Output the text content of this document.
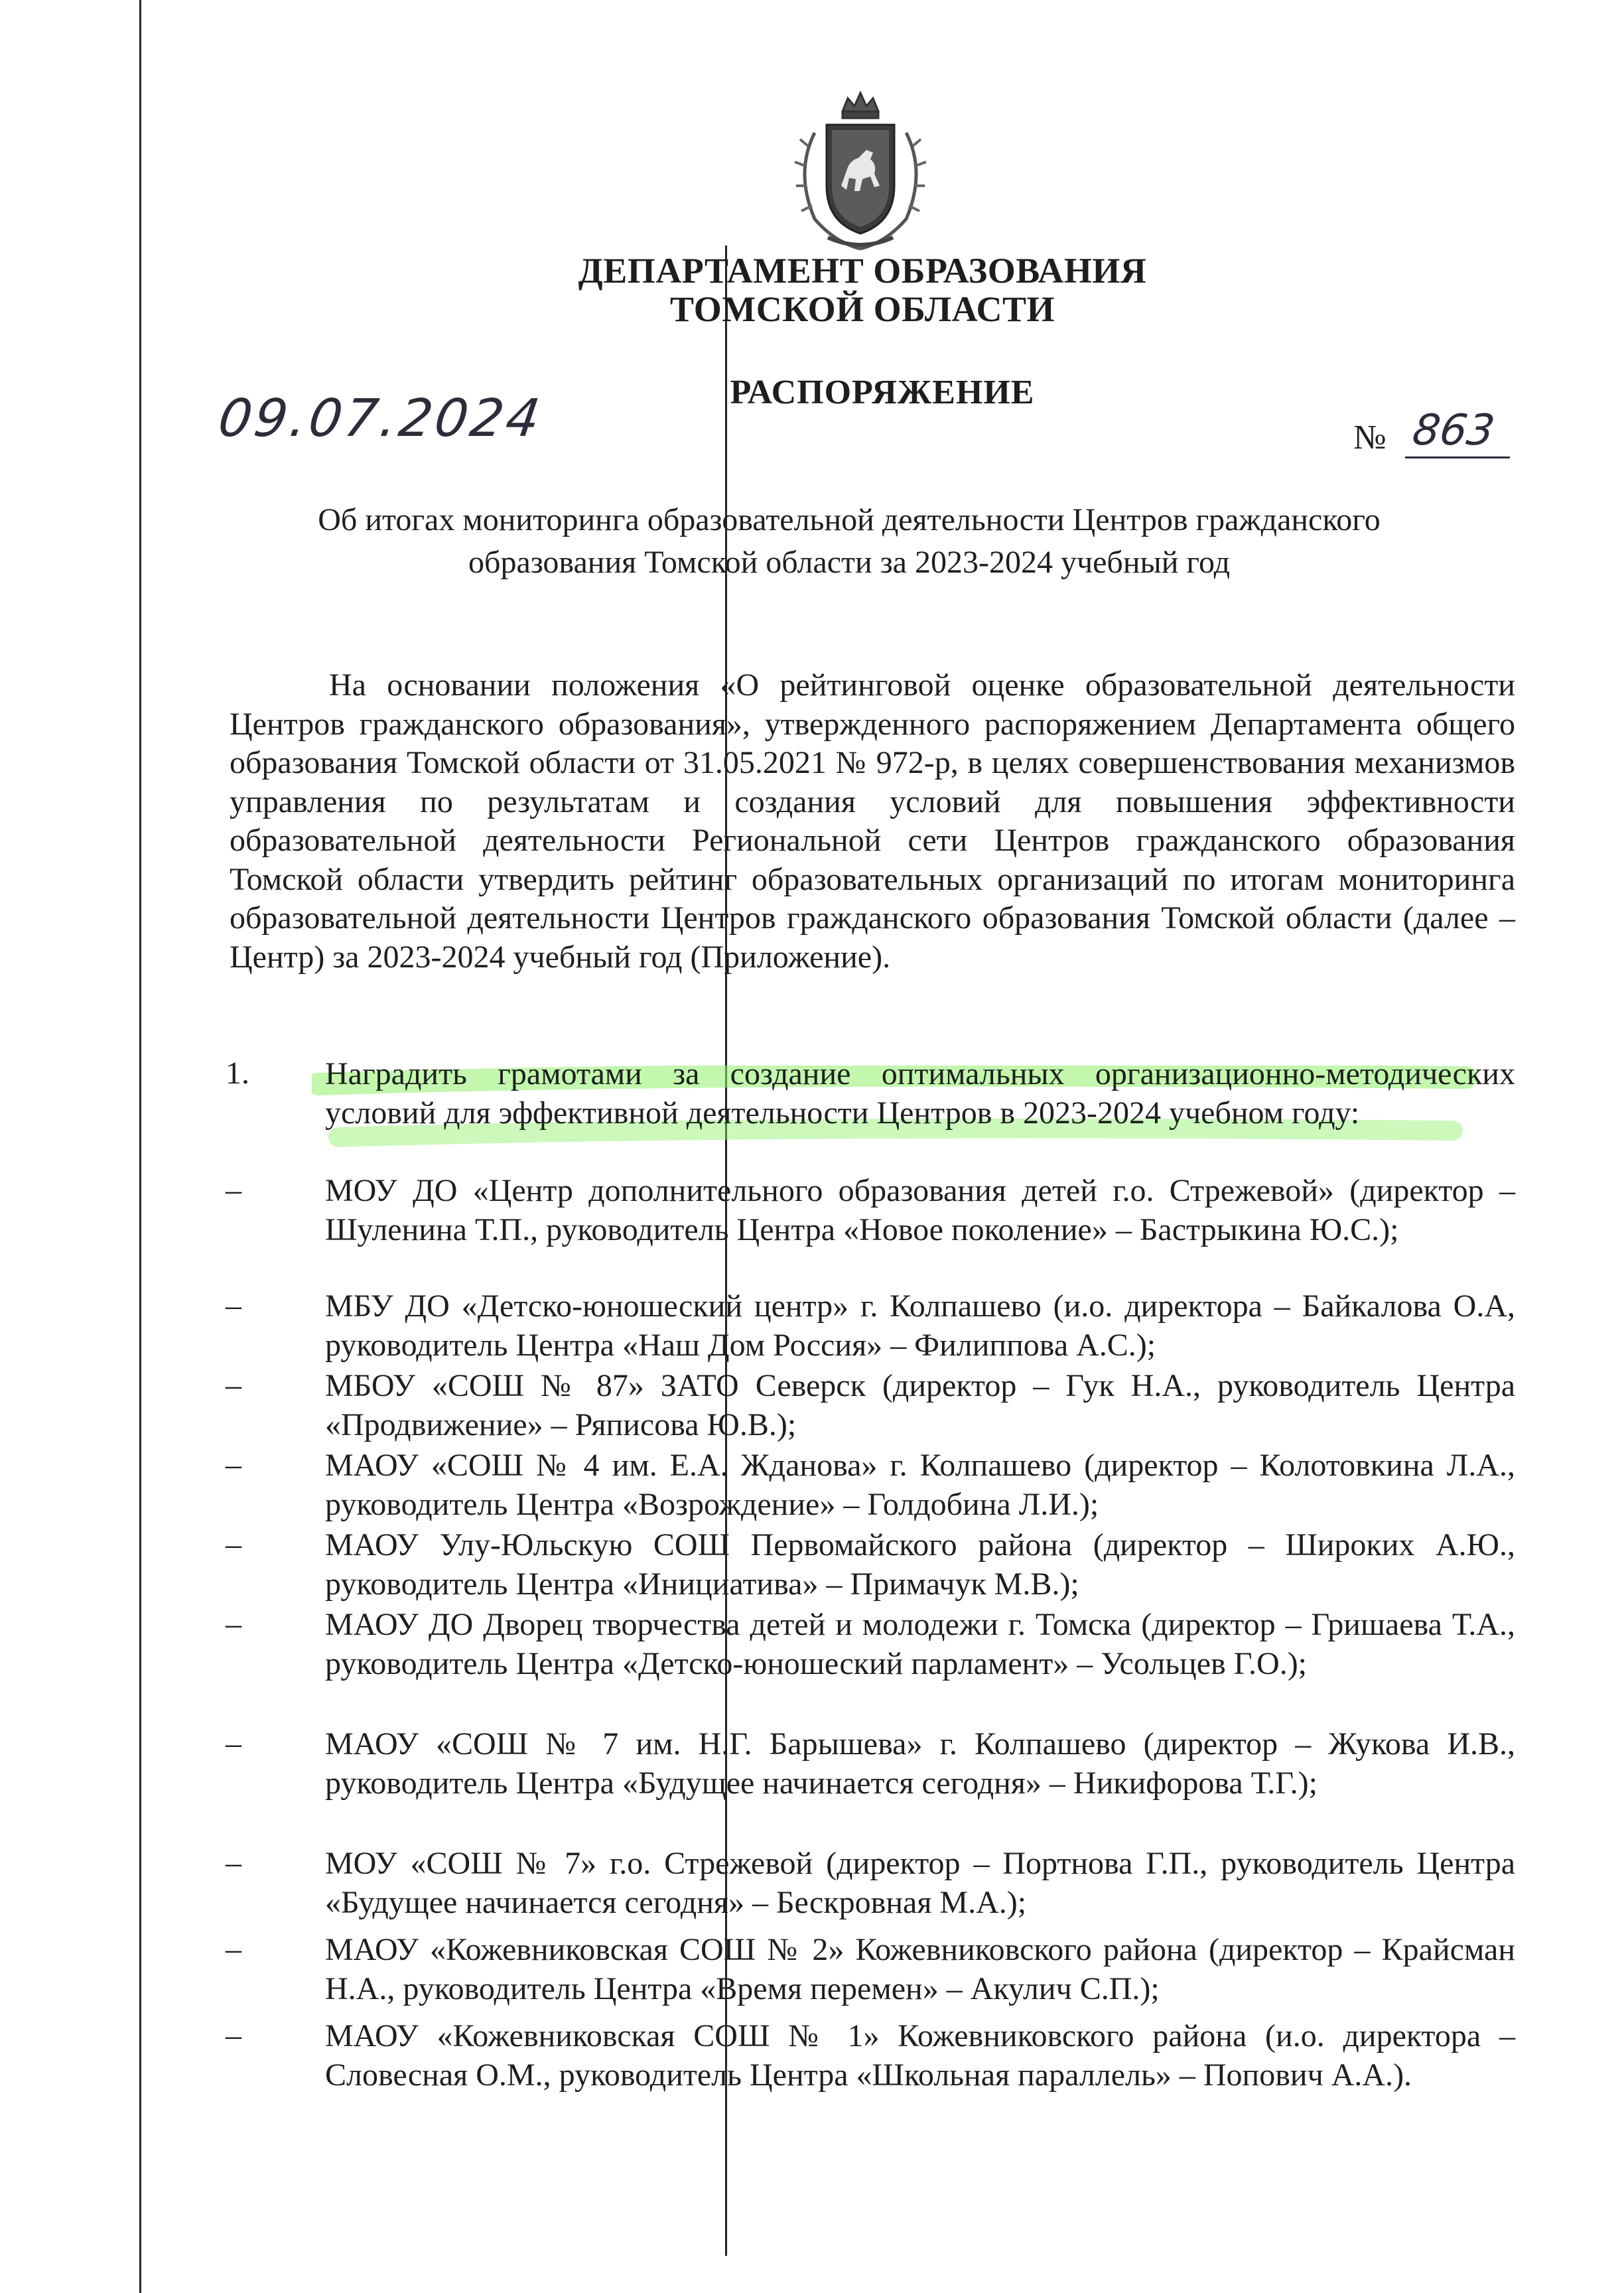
ДЕПАРТАМЕНТ ОБРАЗОВАНИЯ
ТОМСКОЙ ОБЛАСТИ
РАСПОРЯЖЕНИЕ
09.07.2024	№ 863
Об итогах мониторинга образовательной деятельности Центров гражданского
образования Томской области за 2023-2024 учебный год
На основании положения «О рейтинговой оценке образовательной деятельности Центров гражданского образования», утвержденного распоряжением Департамента общего образования Томской области от 31.05.2021 № 972-р, в целях совершенствования механизмов управления по результатам и создания условий для повышения эффективности образовательной деятельности Региональной сети Центров гражданского образования Томской области утвердить рейтинг образовательных организаций по итогам мониторинга образовательной деятельности Центров гражданского образования Томской области (далее – Центр) за 2023-2024 учебный год (Приложение).
1. Наградить грамотами за создание оптимальных организационно-методических условий для эффективной деятельности Центров в 2023-2024 учебном году:
–	МОУ ДО «Центр дополнительного образования детей г.о. Стрежевой» (директор – Шуленина Т.П., руководитель Центра «Новое поколение» – Бастрыкина Ю.С.);
–	МБУ ДО «Детско-юношеский центр» г. Колпашево (и.о. директора – Байкалова О.А, руководитель Центра «Наш Дом Россия» – Филиппова А.С.);
–	МБОУ «СОШ № 87» ЗАТО Северск (директор – Гук Н.А., руководитель Центра «Продвижение» – Ряписова Ю.В.);
–	МАОУ «СОШ № 4 им. Е.А. Жданова» г. Колпашево (директор – Колотовкина Л.А., руководитель Центра «Возрождение» – Голдобина Л.И.);
–	МАОУ Улу-Юльскую СОШ Первомайского района (директор – Широких А.Ю., руководитель Центра «Инициатива» – Примачук М.В.);
–	МАОУ ДО Дворец творчества детей и молодежи г. Томска (директор – Гришаева Т.А., руководитель Центра «Детско-юношеский парламент» – Усольцев Г.О.);
–	МАОУ «СОШ № 7 им. Н.Г. Барышева» г. Колпашево (директор – Жукова И.В., руководитель Центра «Будущее начинается сегодня» – Никифорова Т.Г.);
–	МОУ «СОШ № 7» г.о. Стрежевой (директор – Портнова Г.П., руководитель Центра «Будущее начинается сегодня» – Бескровная М.А.);
–	МАОУ «Кожевниковская СОШ № 2» Кожевниковского района (директор – Крайсман Н.А., руководитель Центра «Время перемен» – Акулич С.П.);
–	МАОУ «Кожевниковская СОШ № 1» Кожевниковского района (и.о. директора – Словесная О.М., руководитель Центра «Школьная параллель» – Попович А.А.).
